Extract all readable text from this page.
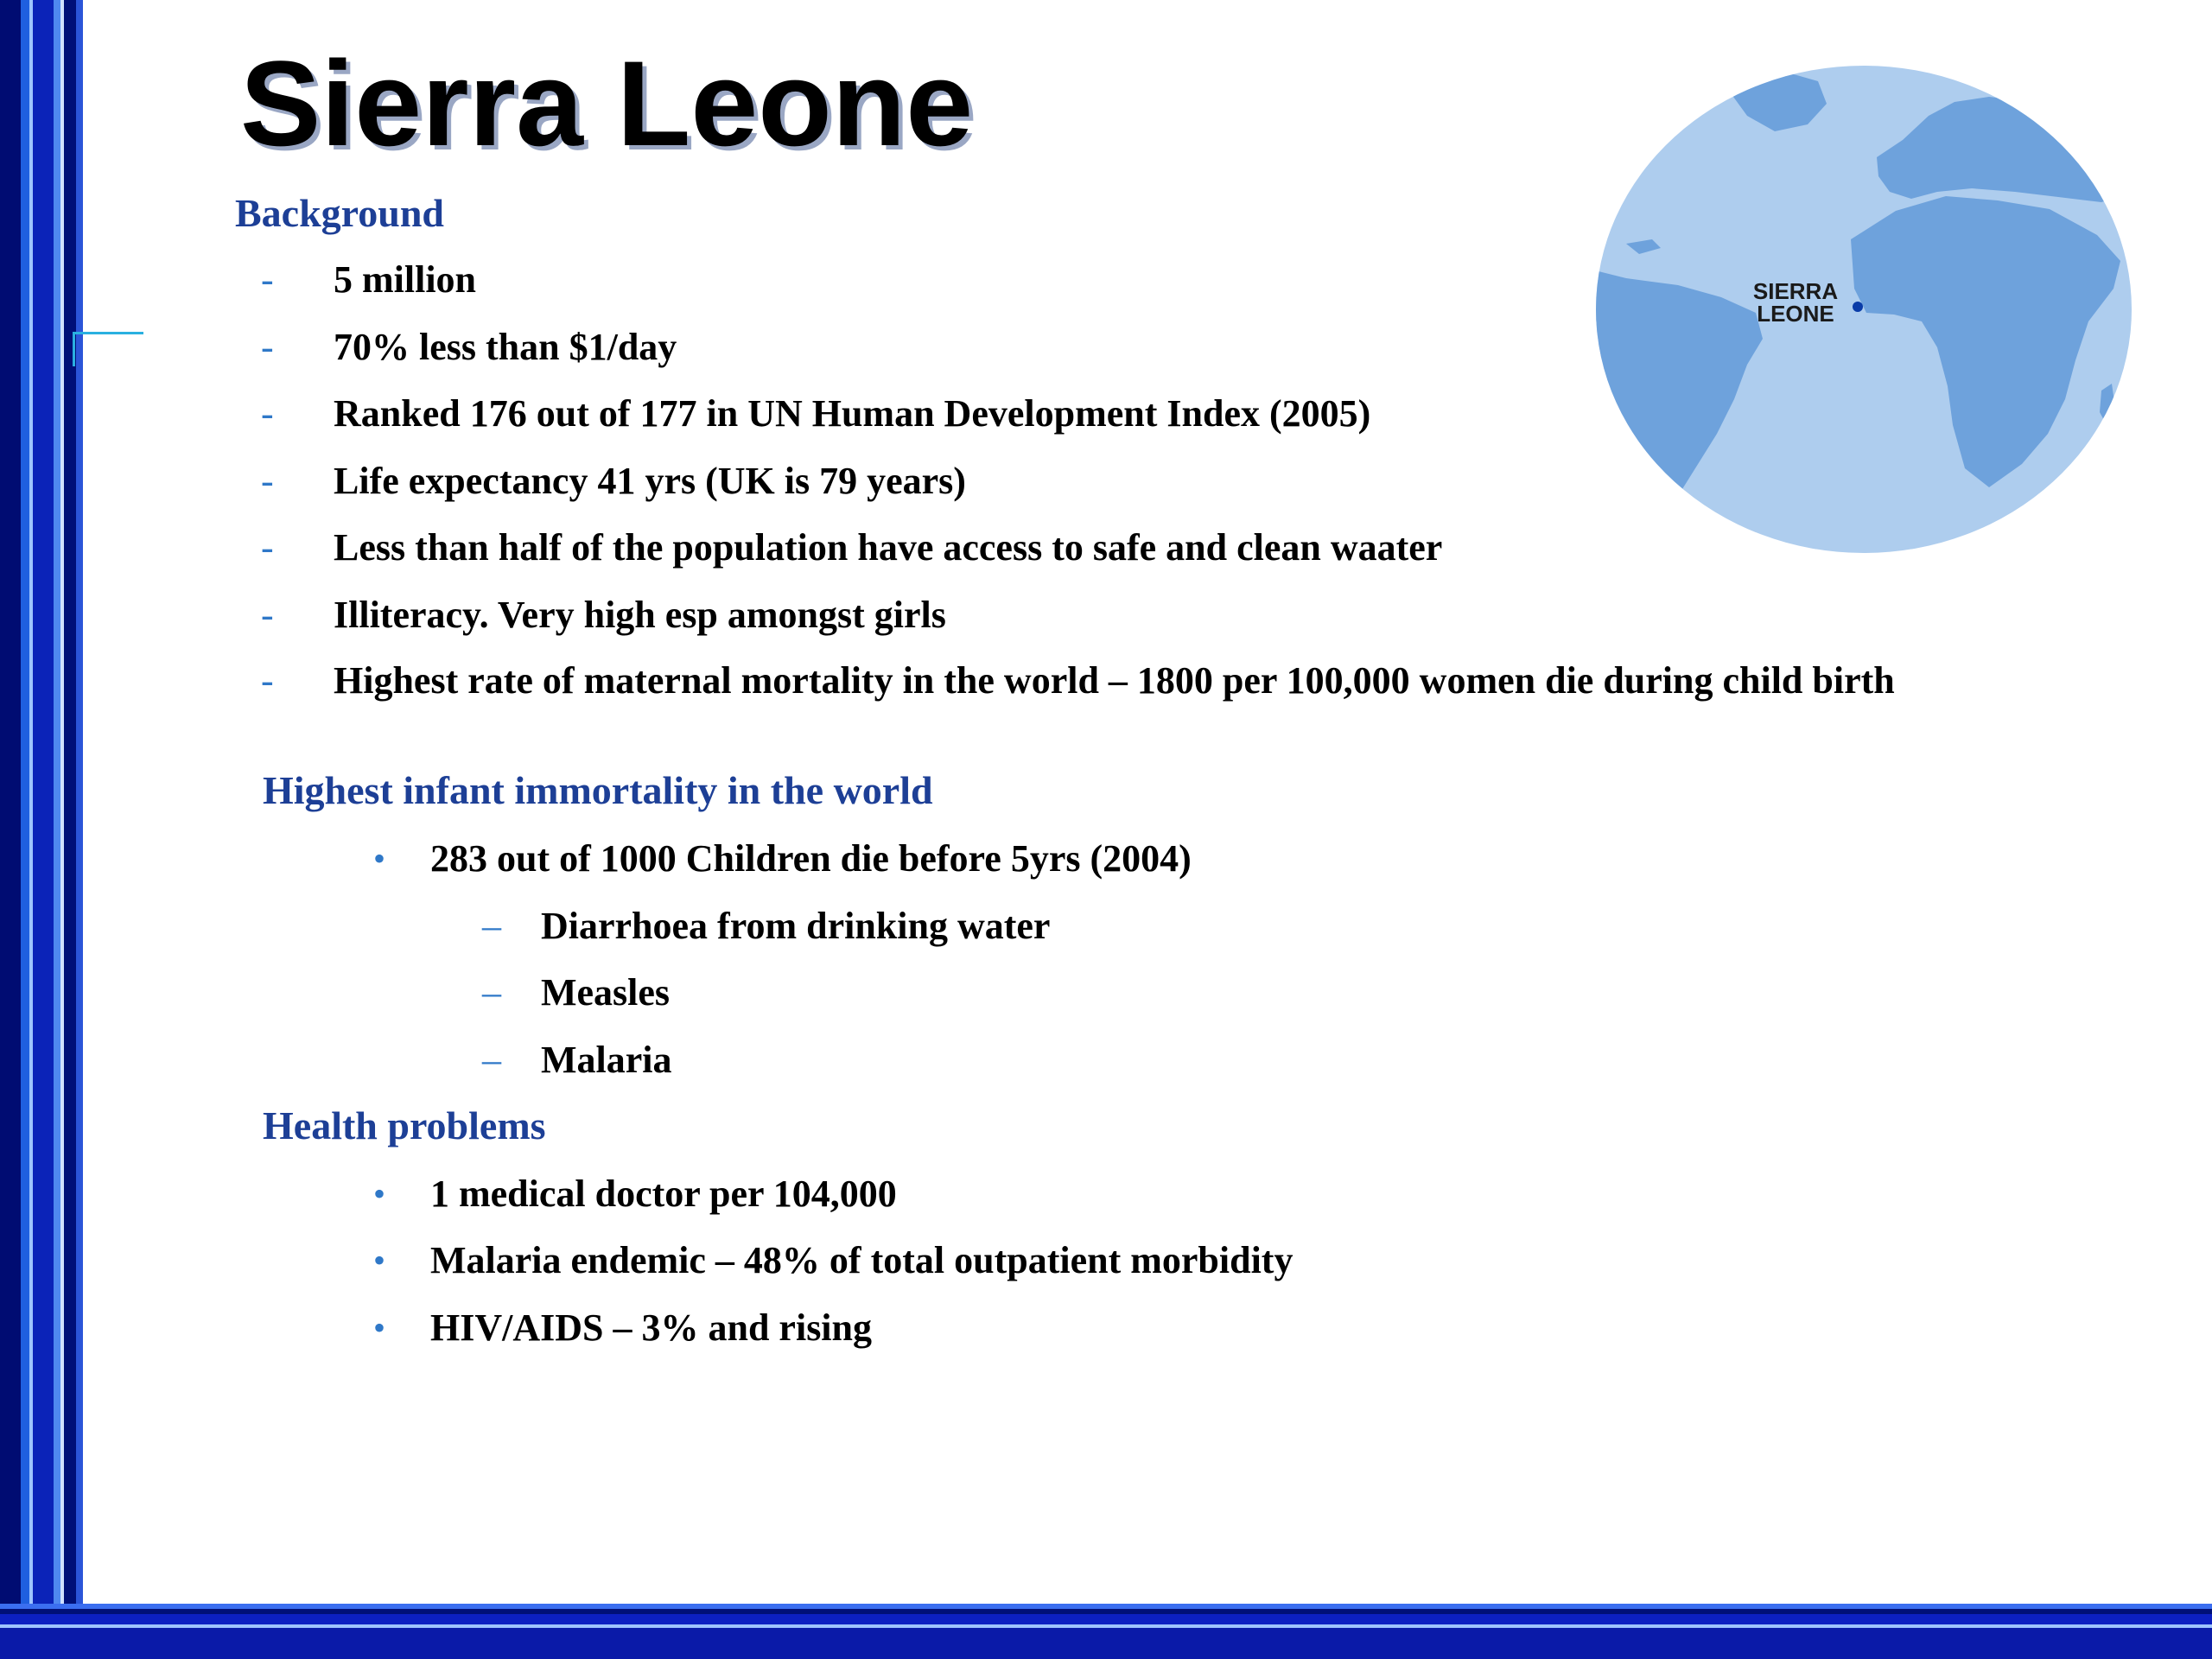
Sierra Leone
Background
- 5 million
- 70% less than $1/day
- Ranked 176 out of 177 in UN Human Development Index (2005)
- Life expectancy 41 yrs (UK is 79 years)
- Less than half of the population have access to safe and clean waater
- Illiteracy. Very high esp amongst girls
- Highest rate of maternal mortality in the world – 1800 per 100,000 women die during child birth
Highest infant immortality in the world
• 283 out of 1000 Children die before 5yrs (2004)
– Diarrhoea from drinking water
– Measles
– Malaria
Health problems
• 1 medical doctor per 104,000
• Malaria endemic – 48% of total outpatient morbidity
• HIV/AIDS – 3% and rising
SIERRA
LEONE
